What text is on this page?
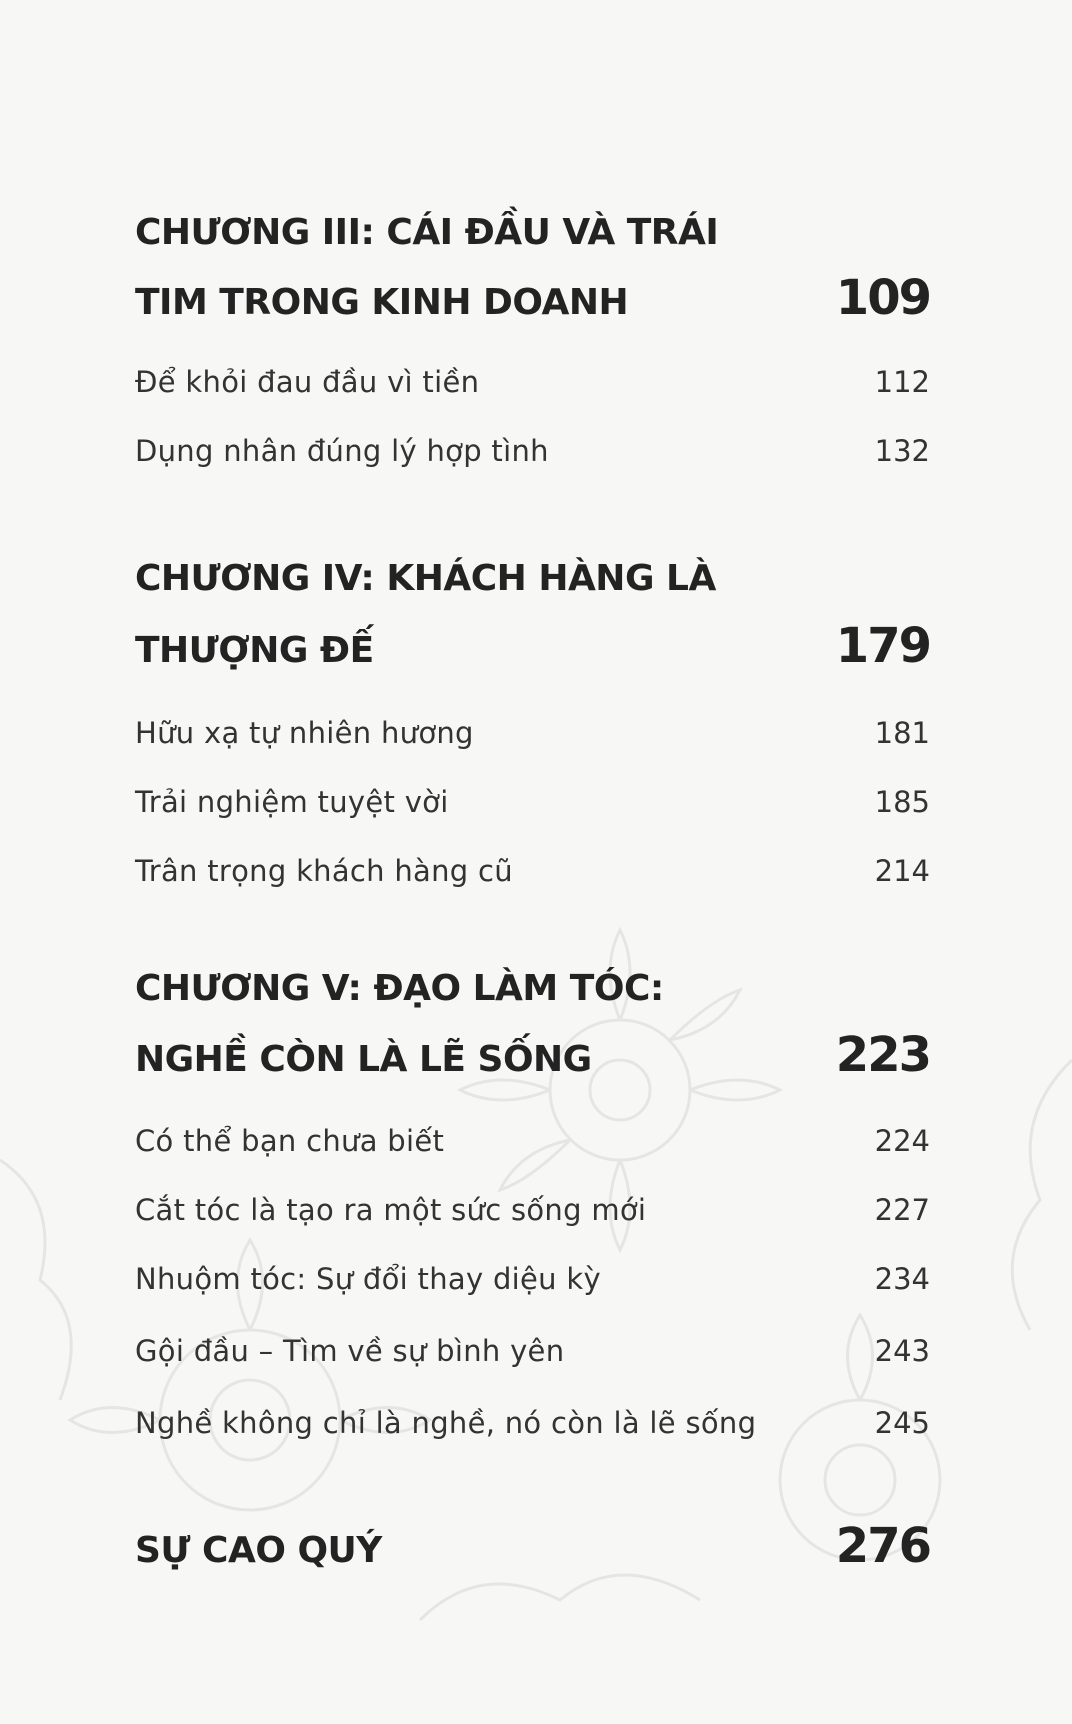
CHƯƠNG III: CÁI ĐẦU VÀ TRÁI
TIM TRONG KINH DOANH	109
Để khỏi đau đầu vì tiền	112
Dụng nhân đúng lý hợp tình	132
CHƯƠNG IV: KHÁCH HÀNG LÀ
THƯỢNG ĐẾ	179
Hữu xạ tự nhiên hương	181
Trải nghiệm tuyệt vời	185
Trân trọng khách hàng cũ	214
CHƯƠNG V: ĐẠO LÀM TÓC:
NGHỀ CÒN LÀ LẼ SỐNG	223
Có thể bạn chưa biết	224
Cắt tóc là tạo ra một sức sống mới	227
Nhuộm tóc: Sự đổi thay diệu kỳ	234
Gội đầu – Tìm về sự bình yên	243
Nghề không chỉ là nghề, nó còn là lẽ sống	245
SỰ CAO QUÝ	276
